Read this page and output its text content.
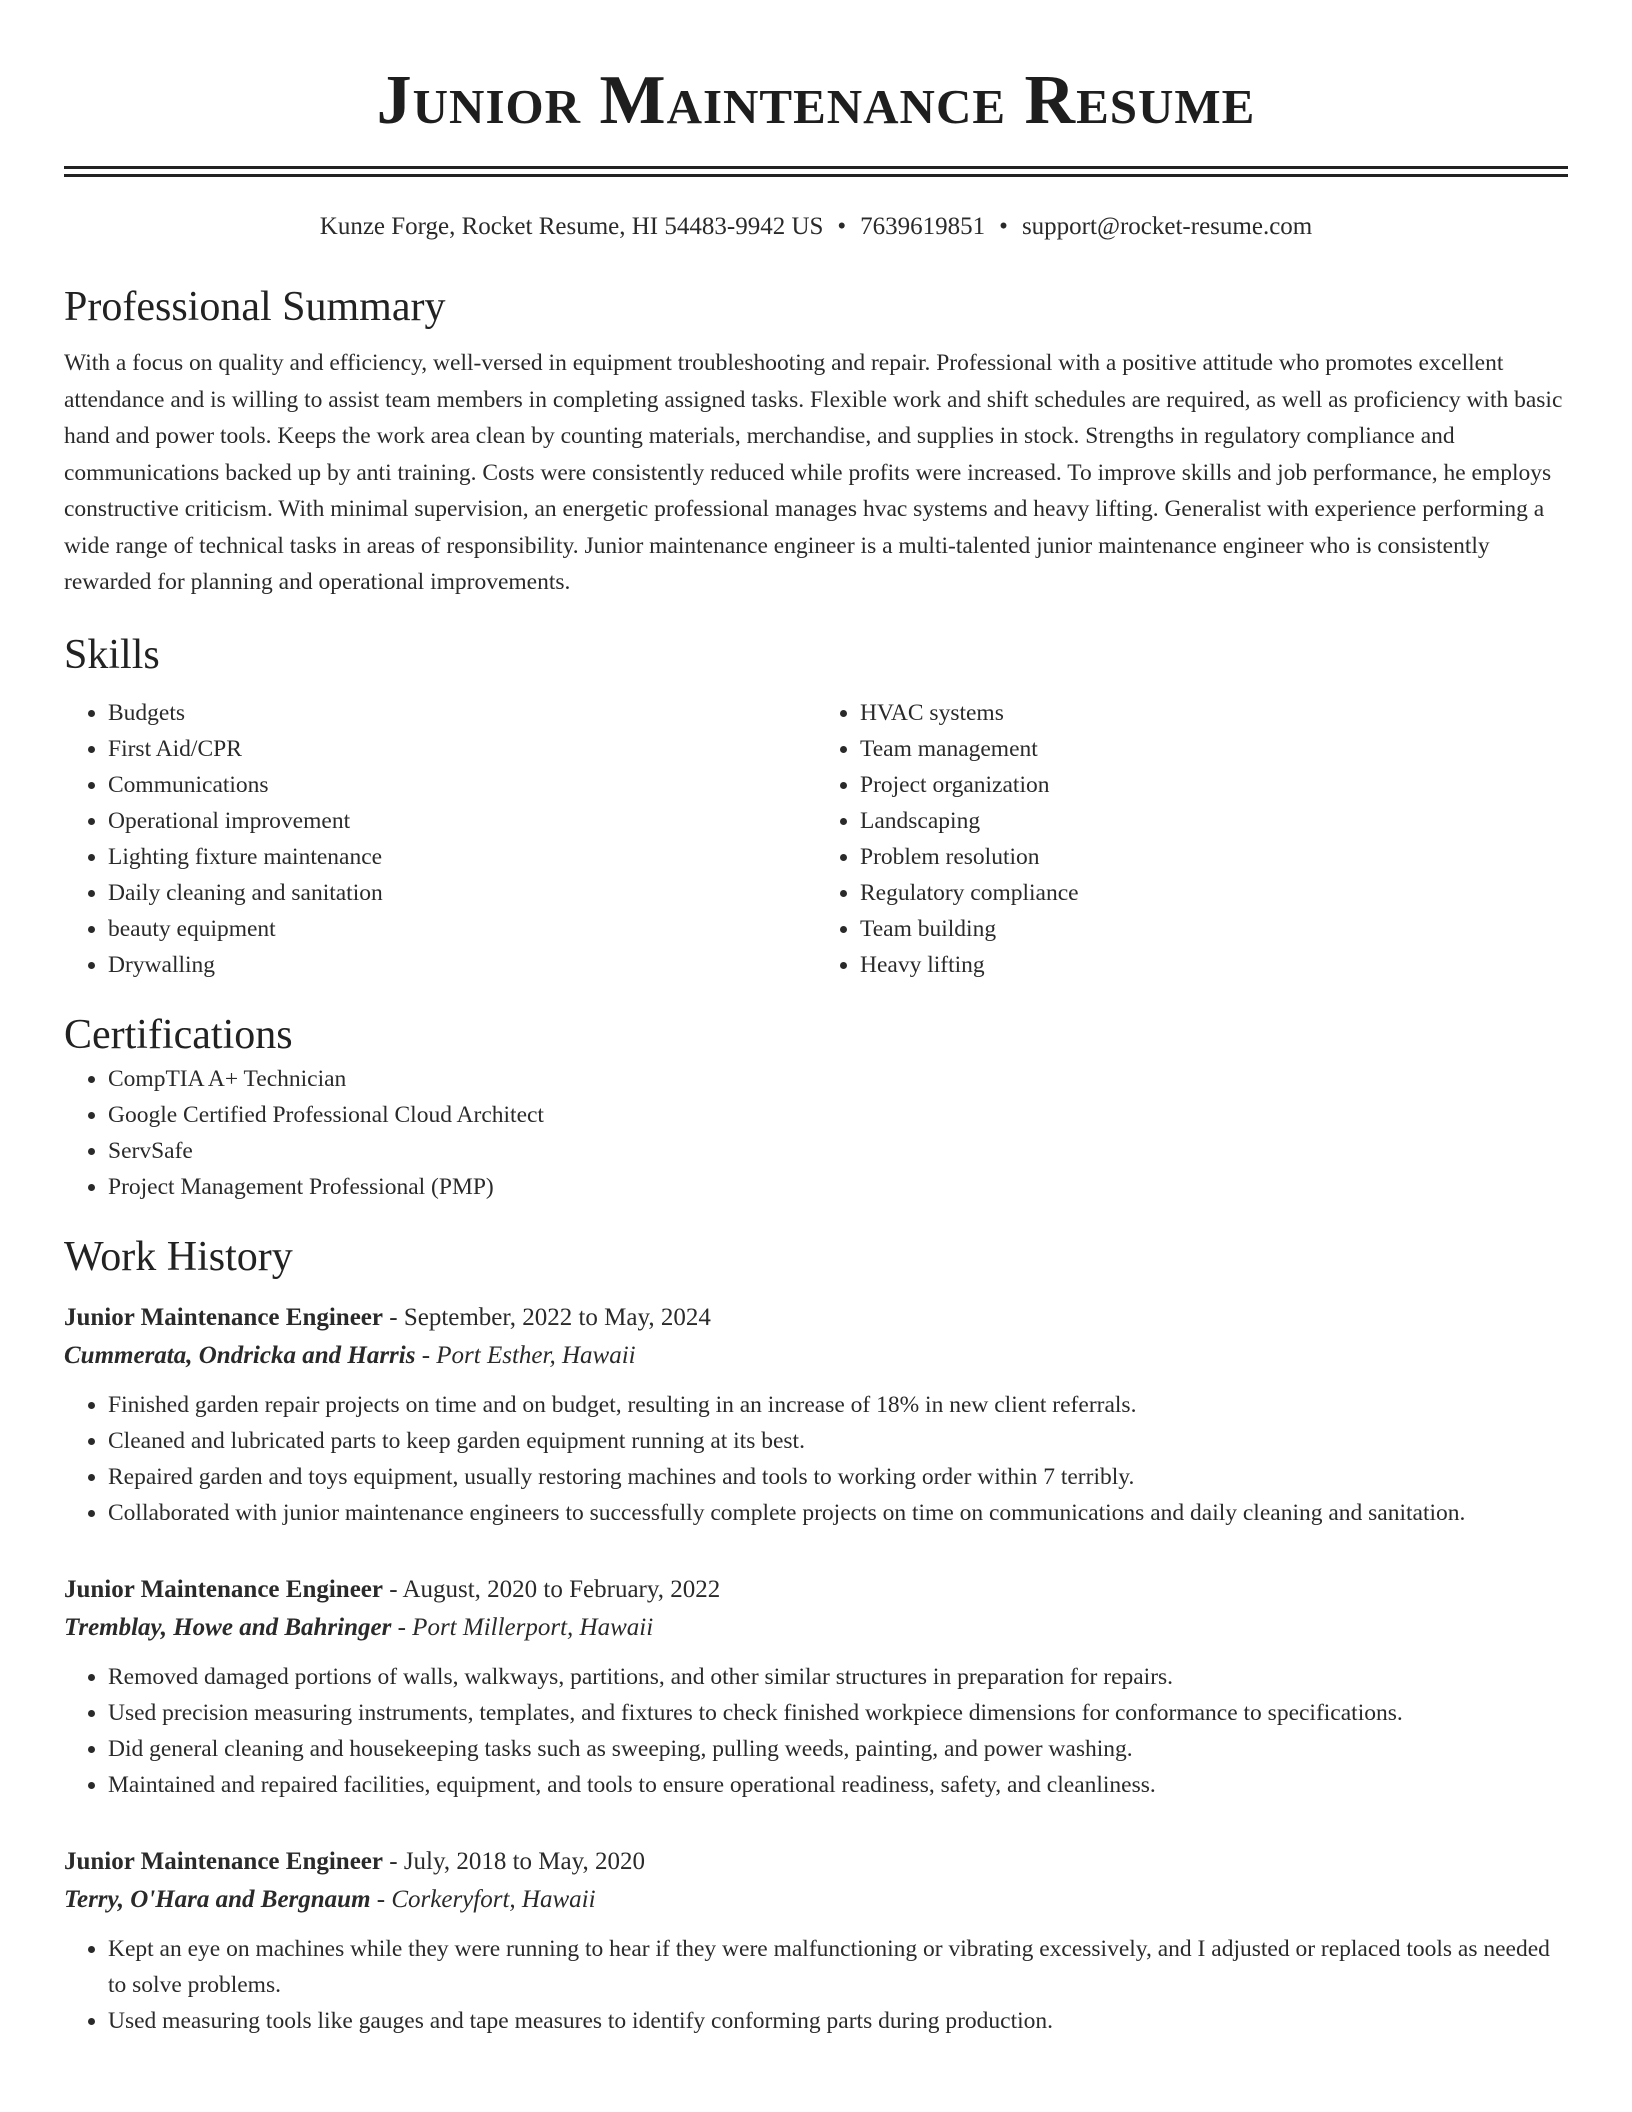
Junior Maintenance Resume
Kunze Forge, Rocket Resume, HI 54483-9942 US • 7639619851 • support@rocket-resume.com
Professional Summary

With a focus on quality and efficiency, well-versed in equipment troubleshooting and repair. Professional with a positive attitude who promotes excellent attendance and is willing to assist team members in completing assigned tasks. Flexible work and shift schedules are required, as well as proficiency with basic hand and power tools. Keeps the work area clean by counting materials, merchandise, and supplies in stock. Strengths in regulatory compliance and communications backed up by anti training. Costs were consistently reduced while profits were increased. To improve skills and job performance, he employs constructive criticism. With minimal supervision, an energetic professional manages hvac systems and heavy lifting. Generalist with experience performing a wide range of technical tasks in areas of responsibility. Junior maintenance engineer is a multi-talented junior maintenance engineer who is consistently rewarded for planning and operational improvements.

Skills
• Budgets
• First Aid/CPR
• Communications
• Operational improvement
• Lighting fixture maintenance
• Daily cleaning and sanitation
• beauty equipment
• Drywalling
• HVAC systems
• Team management
• Project organization
• Landscaping
• Problem resolution
• Regulatory compliance
• Team building
• Heavy lifting
Certifications
• CompTIA A+ Technician
• Google Certified Professional Cloud Architect
• ServSafe
• Project Management Professional (PMP)
Work History
Junior Maintenance Engineer - September, 2022 to May, 2024
Cummerata, Ondricka and Harris - Port Esther, Hawaii
• Finished garden repair projects on time and on budget, resulting in an increase of 18% in new client referrals.
• Cleaned and lubricated parts to keep garden equipment running at its best.
• Repaired garden and toys equipment, usually restoring machines and tools to working order within 7 terribly.
• Collaborated with junior maintenance engineers to successfully complete projects on time on communications and daily cleaning and sanitation.
Junior Maintenance Engineer - August, 2020 to February, 2022
Tremblay, Howe and Bahringer - Port Millerport, Hawaii
• Removed damaged portions of walls, walkways, partitions, and other similar structures in preparation for repairs.
• Used precision measuring instruments, templates, and fixtures to check finished workpiece dimensions for conformance to specifications.
• Did general cleaning and housekeeping tasks such as sweeping, pulling weeds, painting, and power washing.
• Maintained and repaired facilities, equipment, and tools to ensure operational readiness, safety, and cleanliness.
Junior Maintenance Engineer - July, 2018 to May, 2020
Terry, O'Hara and Bergnaum - Corkeryfort, Hawaii
• Kept an eye on machines while they were running to hear if they were malfunctioning or vibrating excessively, and I adjusted or replaced tools as needed to solve problems.
• Used measuring tools like gauges and tape measures to identify conforming parts during production.
